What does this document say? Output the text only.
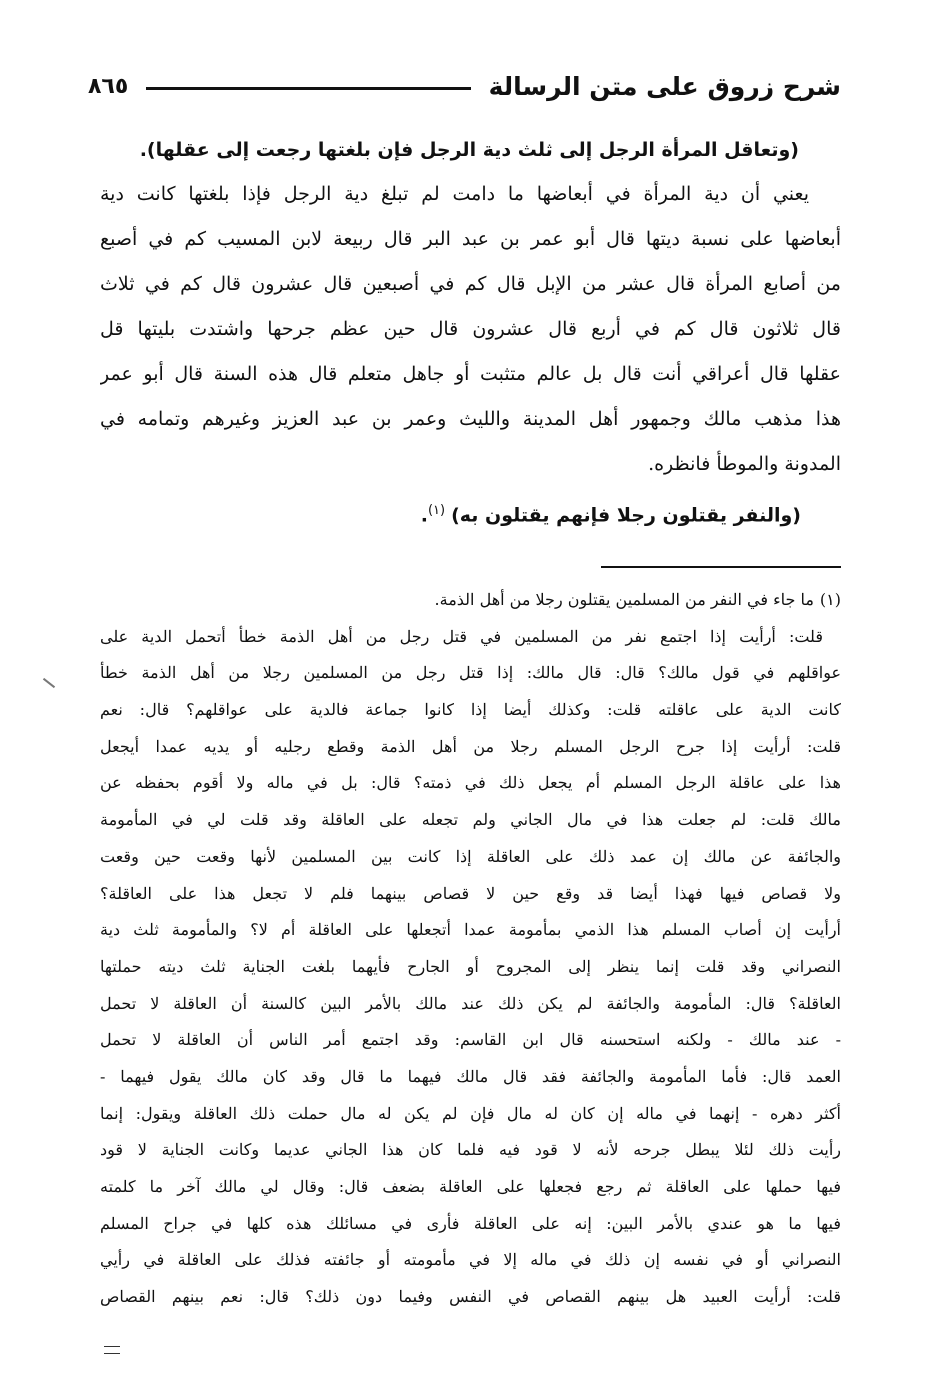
شرح زروق على متن الرسالة
٨٦٥
(وتعاقل المرأة الرجل إلى ثلث دية الرجل فإن بلغتها رجعت إلى عقلها).
يعني أن دية المرأة في أبعاضها ما دامت لم تبلغ دية الرجل فإذا بلغتها كانت دية
أبعاضها على نسبة ديتها قال أبو عمر بن عبد البر قال ربيعة لابن المسيب كم في أصبع
من أصابع المرأة قال عشر من الإبل قال كم في أصبعين قال عشرون قال كم في ثلاث
قال ثلاثون قال كم في أربع قال عشرون قال حين عظم جرحها واشتدت بليتها قل
عقلها قال أعراقي أنت قال بل عالم متثبت أو جاهل متعلم قال هذه السنة قال أبو عمر
هذا مذهب مالك وجمهور أهل المدينة والليث وعمر بن عبد العزيز وغيرهم وتمامه في
المدونة والموطأ فانظره.
(والنفر يقتلون رجلا فإنهم يقتلون به)$^{(١)}$.
(١)ما جاء في النفر من المسلمين يقتلون رجلا من أهل الذمة.
قلت: أرأيت إذا اجتمع نفر من المسلمين في قتل رجل من أهل الذمة خطأ أتحمل الدية على
عواقلهم في قول مالك؟ قال: قال مالك: إذا قتل رجل من المسلمين رجلا من أهل الذمة خطأ
كانت الدية على عاقلته قلت: وكذلك أيضا إذا كانوا جماعة فالدية على عواقلهم؟ قال: نعم
قلت: أرأيت إذا جرح الرجل المسلم رجلا من أهل الذمة وقطع رجليه أو يديه عمدا أيجعل
هذا على عاقلة الرجل المسلم أم يجعل ذلك في ذمته؟ قال: بل في ماله ولا أقوم بحفظه عن
مالك قلت: لم جعلت هذا في مال الجاني ولم تجعله على العاقلة وقد قلت لي في المأمومة
والجائفة عن مالك إن عمد ذلك على العاقلة إذا كانت بين المسلمين لأنها وقعت حين وقعت
ولا قصاص فيها فهذا أيضا قد وقع حين لا قصاص بينهما فلم لا تجعل هذا على العاقلة؟
أرأيت إن أصاب المسلم هذا الذمي بمأمومة عمدا أتجعلها على العاقلة أم لا؟ والمأمومة ثلث دية
النصراني وقد قلت إنما ينظر إلى المجروح أو الجارح فأيهما بلغت الجناية ثلث ديته حملتها
العاقلة؟ قال: المأمومة والجائفة لم يكن ذلك عند مالك بالأمر البين كالسنة أن العاقلة لا تحمل
- عند مالك - ولكنه استحسنه قال ابن القاسم: وقد اجتمع أمر الناس أن العاقلة لا تحمل
العمد قال: فأما المأمومة والجائفة فقد قال مالك فيهما ما قال وقد كان مالك يقول فيهما -
أكثر دهره - إنهما في ماله إن كان له مال فإن لم يكن له مال حملت ذلك العاقلة ويقول: إنما
رأيت ذلك لئلا يبطل جرحه لأنه لا قود فيه فلما كان هذا الجاني عديما وكانت الجناية لا قود
فيها حملها على العاقلة ثم رجع فجعلها على العاقلة بضعف قال: وقال لي مالك آخر ما كلمته
فيها ما هو عندي بالأمر البين: إنه على العاقلة فأرى في مسائلك هذه كلها في جراح المسلم
النصراني أو في نفسه إن ذلك في ماله إلا في مأمومته أو جائفته فذلك على العاقلة في رأيي
قلت: أرأيت العبيد هل بينهم القصاص في النفس وفيما دون ذلك؟ قال: نعم بينهم القصاص
